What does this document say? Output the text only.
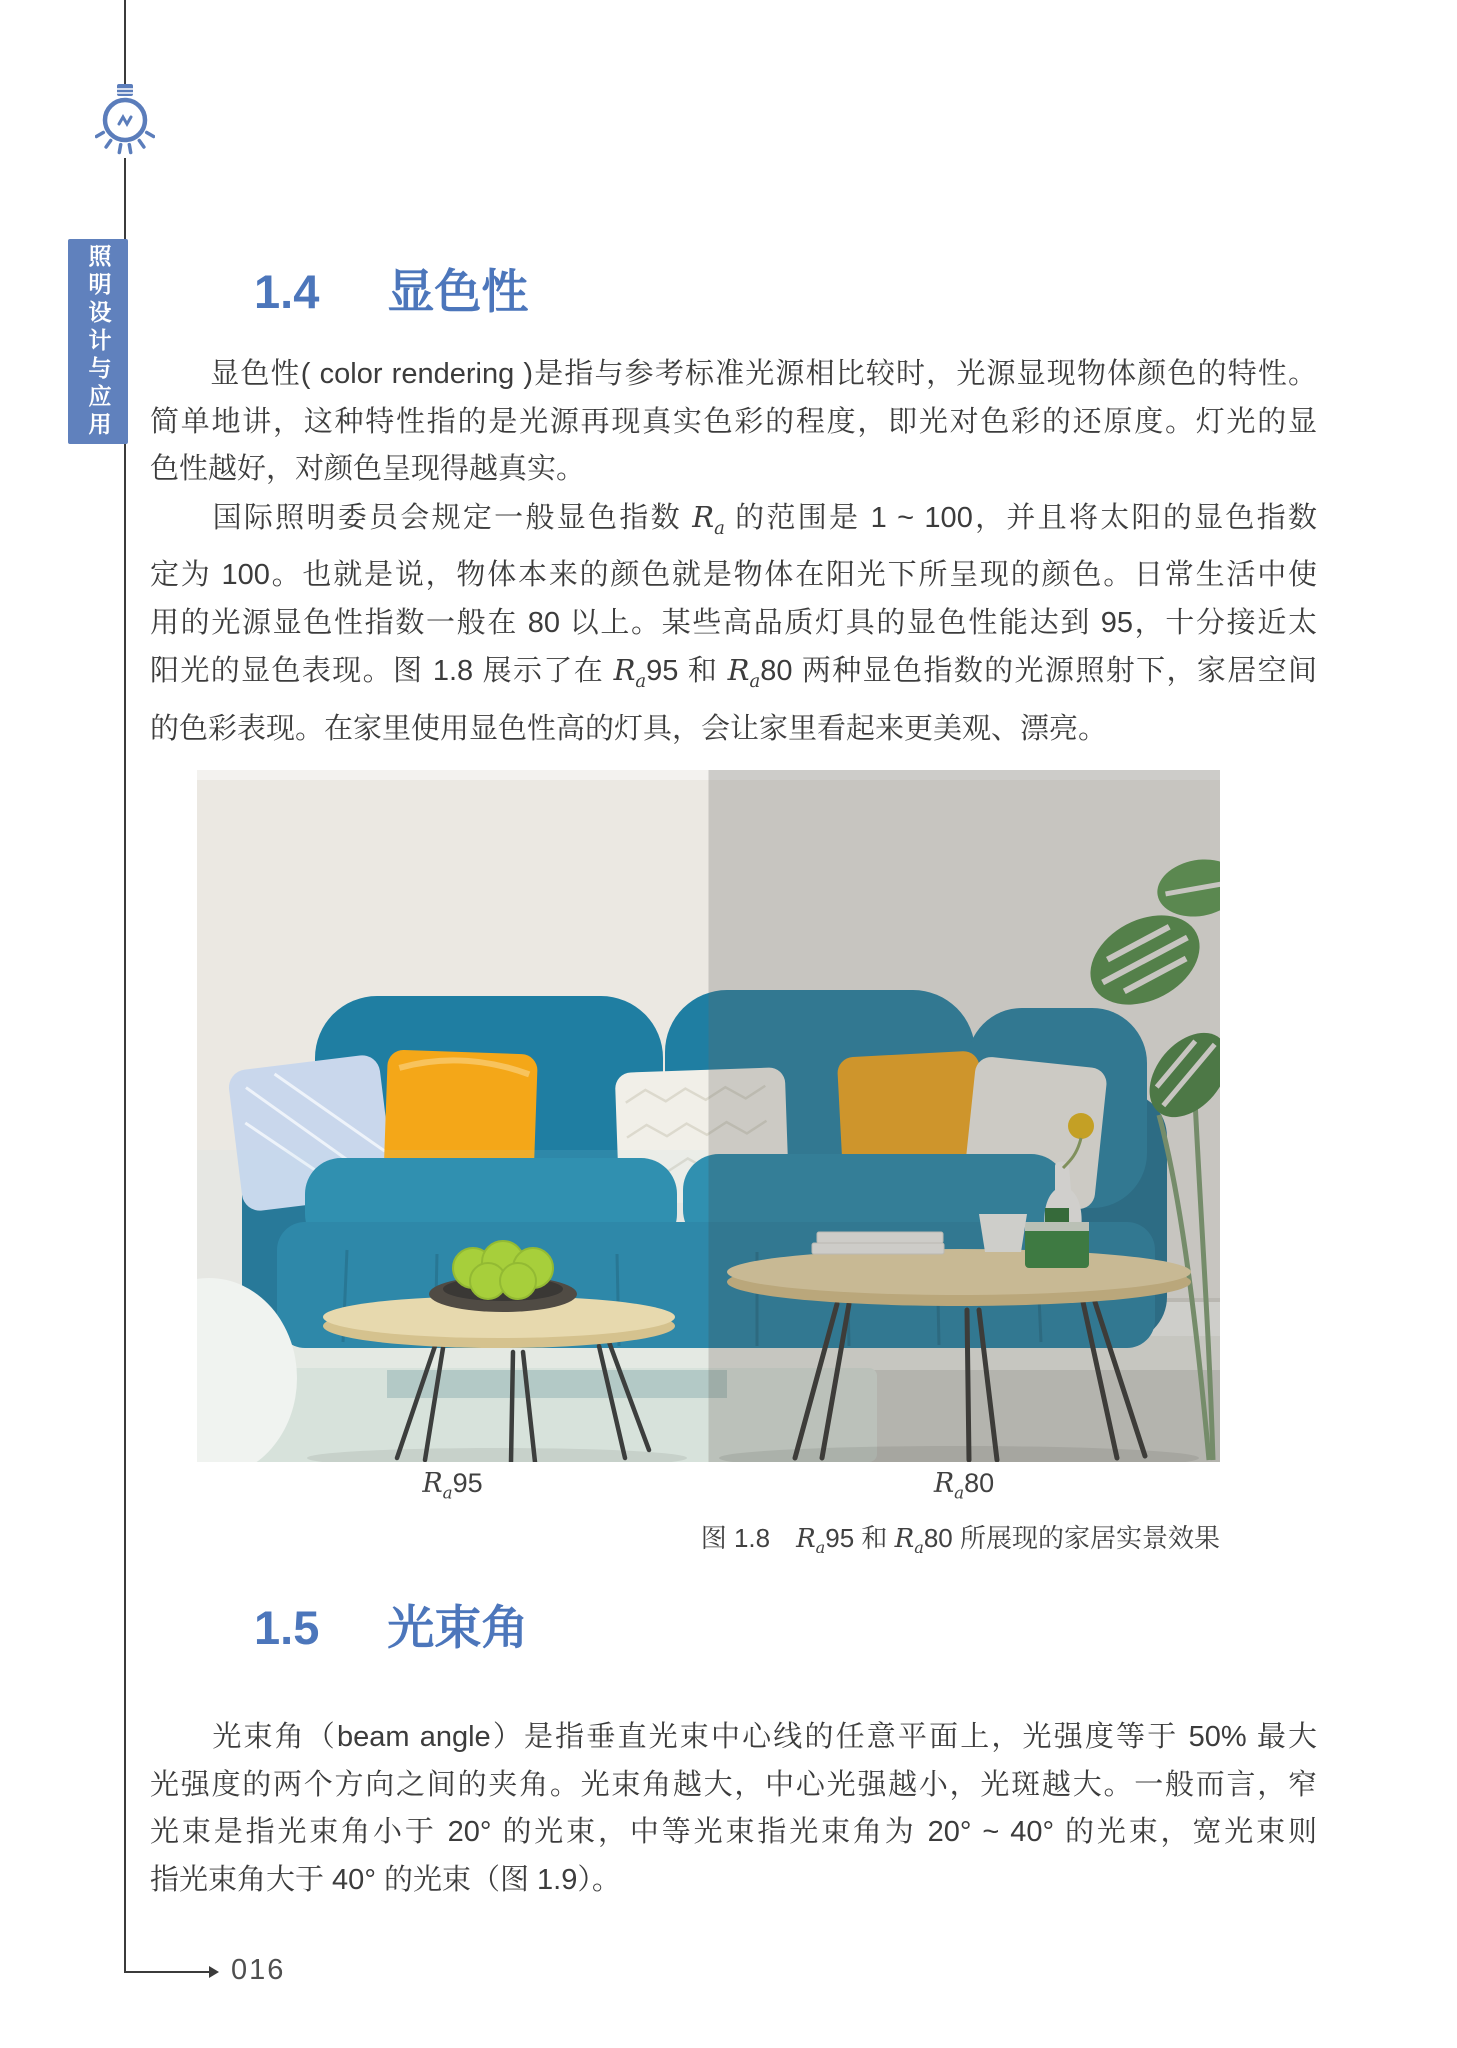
照明设计与应用	1.4 显色性
　　显色性( color rendering )是指与参考标准光源相比较时，光源显现物体颜色的特性。
简单地讲，这种特性指的是光源再现真实色彩的程度，即光对色彩的还原度。灯光的显
色性越好，对颜色呈现得越真实。
　　国际照明委员会规定一般显色指数 $R_a$ 的范围是 1 ~ 100，并且将太阳的显色指数
定为 100。也就是说，物体本来的颜色就是物体在阳光下所呈现的颜色。日常生活中使
用的光源显色性指数一般在 80 以上。某些高品质灯具的显色性能达到 95，十分接近太
阳光的显色表现。图 1.8 展示了在 $R_a95$ 和 $R_a80$ 两种显色指数的光源照射下，家居空间
的色彩表现。在家里使用显色性高的灯具，会让家里看起来更美观、漂亮。
$R_a95$	$R_a80$
图 1.8　$R_a95$ 和 $R_a80$ 所展现的家居实景效果
1.5 光束角
　　光束角（beam angle）是指垂直光束中心线的任意平面上，光强度等于 50% 最大
光强度的两个方向之间的夹角。光束角越大，中心光强越小，光斑越大。一般而言，窄
光束是指光束角小于 20° 的光束，中等光束指光束角为 20° ~ 40° 的光束，宽光束则
指光束角大于 40° 的光束（图 1.9）。
016
